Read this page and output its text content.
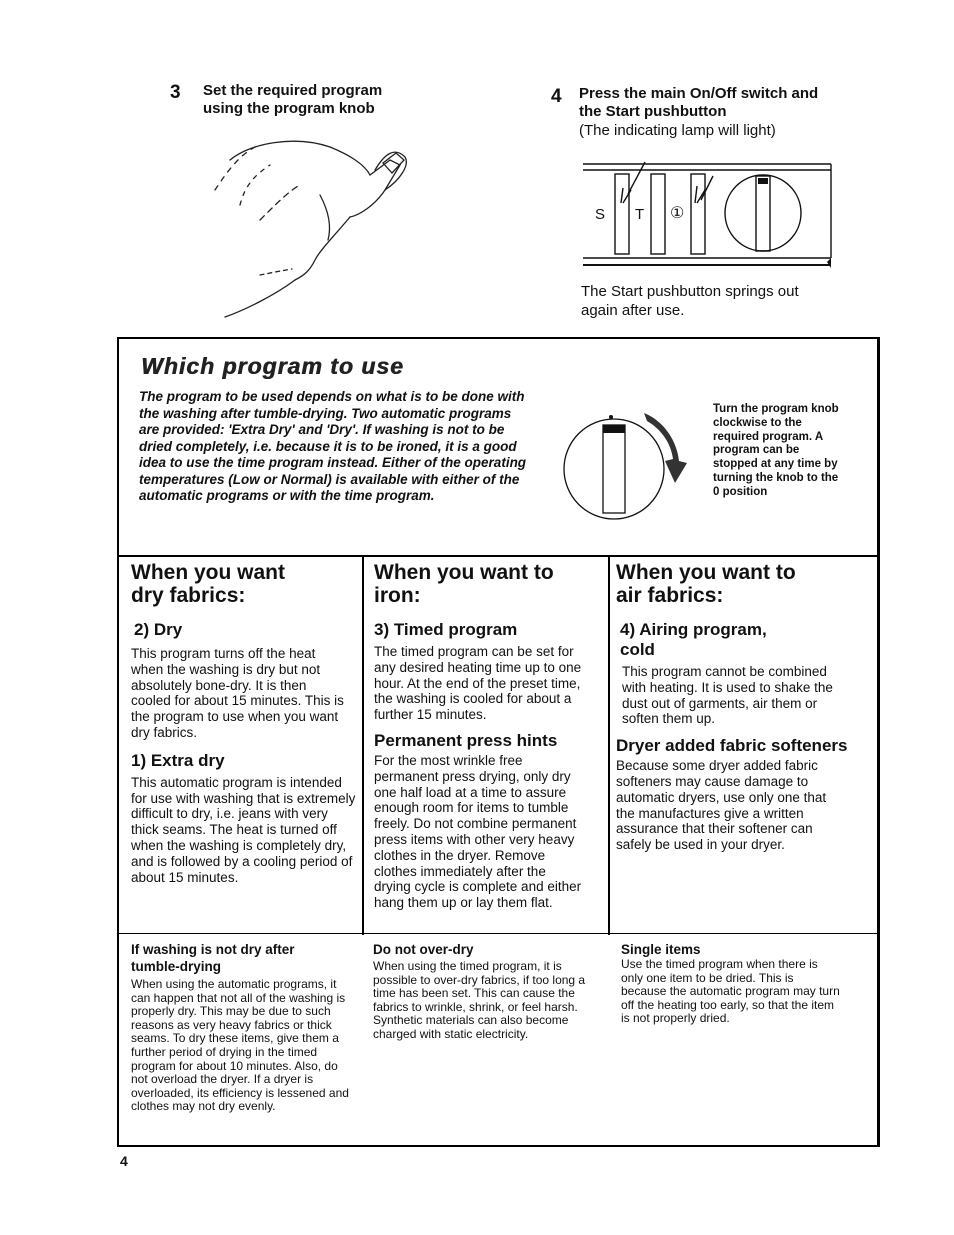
3 Set the required program using the program knob
4 Press the main On/Off switch and the Start pushbutton
(The indicating lamp will light)
S T ①
The Start pushbutton springs out again after use.
Which program to use
The program to be used depends on what is to be done with the washing after tumble-drying. Two automatic programs are provided: 'Extra Dry' and 'Dry'. If washing is not to be dried completely, i.e. because it is to be ironed, it is a good idea to use the time program instead. Either of the operating temperatures (Low or Normal) is available with either of the automatic programs or with the time program.
Turn the program knob clockwise to the required program. A program can be stopped at any time by turning the knob to the 0 position
When you want dry fabrics:
2) Dry
This program turns off the heat when the washing is dry but not absolutely bone-dry. It is then cooled for about 15 minutes. This is the program to use when you want dry fabrics.
1) Extra dry
This automatic program is intended for use with washing that is extremely difficult to dry, i.e. jeans with very thick seams. The heat is turned off when the washing is completely dry, and is followed by a cooling period of about 15 minutes.
When you want to iron:
3) Timed program
The timed program can be set for any desired heating time up to one hour. At the end of the preset time, the washing is cooled for about a further 15 minutes.
Permanent press hints
For the most wrinkle free permanent press drying, only dry one half load at a time to assure enough room for items to tumble freely. Do not combine permanent press items with other very heavy clothes in the dryer. Remove clothes immediately after the drying cycle is complete and either hang them up or lay them flat.
When you want to air fabrics:
4) Airing program, cold
This program cannot be combined with heating. It is used to shake the dust out of garments, air them or soften them up.
Dryer added fabric softeners
Because some dryer added fabric softeners may cause damage to automatic dryers, use only one that the manufactures give a written assurance that their softener can safely be used in your dryer.
If washing is not dry after tumble-drying
When using the automatic programs, it can happen that not all of the washing is properly dry. This may be due to such reasons as very heavy fabrics or thick seams. To dry these items, give them a further period of drying in the timed program for about 10 minutes. Also, do not overload the dryer. If a dryer is overloaded, its efficiency is lessened and clothes may not dry evenly.
Do not over-dry
When using the timed program, it is possible to over-dry fabrics, if too long a time has been set. This can cause the fabrics to wrinkle, shrink, or feel harsh. Synthetic materials can also become charged with static electricity.
Single items
Use the timed program when there is only one item to be dried. This is because the automatic program may turn off the heating too early, so that the item is not properly dried.
4
